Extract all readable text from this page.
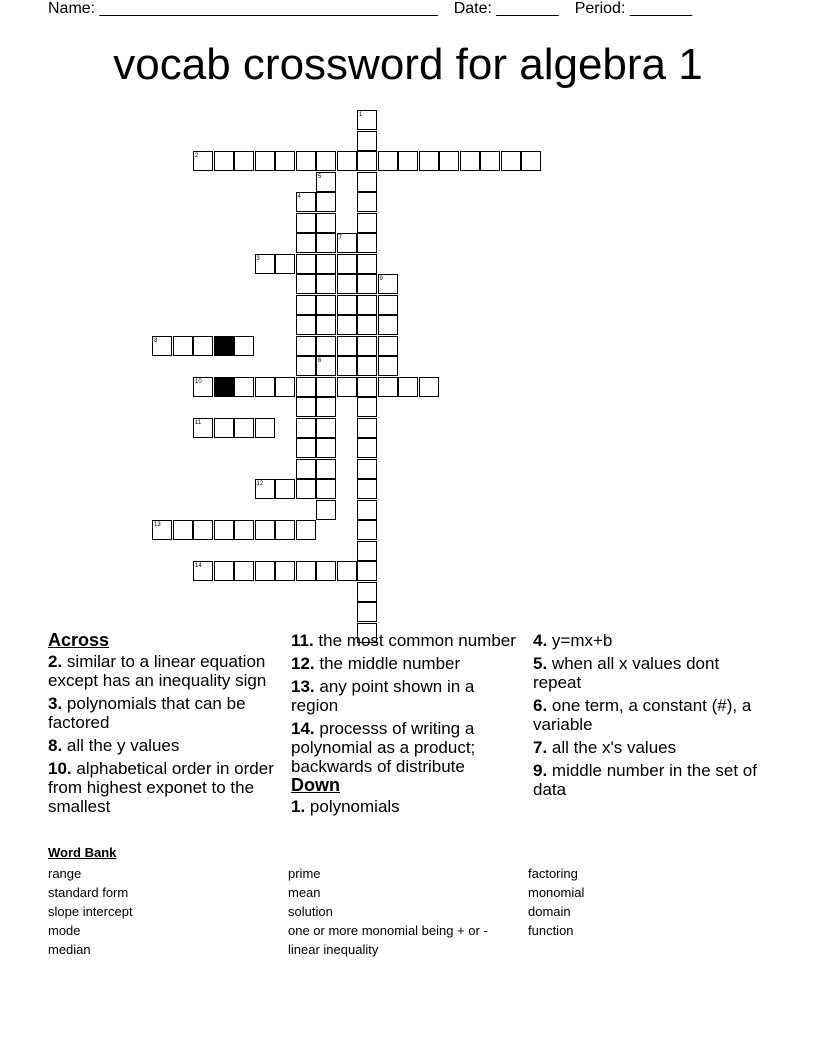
Name: ______________________________________ Date: _______ Period: _______
vocab crossword for algebra 1
1
2
3
4
5
6
7
8
9
10
11
12
13
14
Across
2. similar to a linear equation except has an inequality sign
3. polynomials that can be factored
8. all the y values
10. alphabetical order in order from highest exponet to the smallest
11. the most common number
12. the middle number
13. any point shown in a region
14. processs of writing a polynomial as a product; backwards of distribute
Down
1. polynomials
4. y=mx+b
5. when all x values dont repeat
6. one term, a constant (#), a variable
7. all the x's values
9. middle number in the set of data
Word Bank
range
standard form
slope intercept
mode
median
prime
mean
solution
one or more monomial being + or -
linear inequality
factoring
monomial
domain
function
